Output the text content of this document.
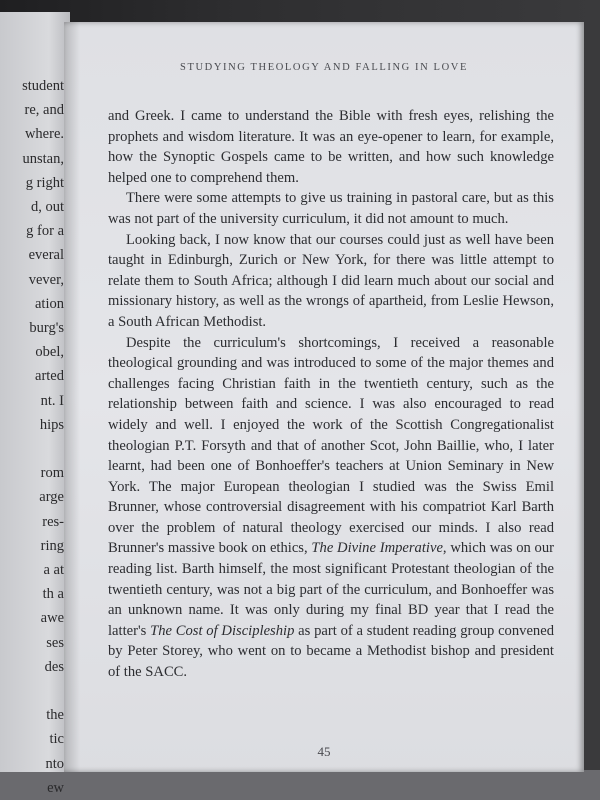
student
re, and
where.
unstan,
g right
d, out
g for a
everal
vever,
ation
burg's
obel,
arted
nt. I
hips
rom
arge
res-
ring
a at
th a
awe
ses
des
the
tic
nto
ew
STUDYING THEOLOGY AND FALLING IN LOVE

and Greek. I came to understand the Bible with fresh eyes, relishing the prophets and wisdom literature. It was an eye-opener to learn, for example, how the Synoptic Gospels came to be written, and how such knowledge helped one to comprehend them.

There were some attempts to give us training in pastoral care, but as this was not part of the university curriculum, it did not amount to much.

Looking back, I now know that our courses could just as well have been taught in Edinburgh, Zurich or New York, for there was little attempt to relate them to South Africa; although I did learn much about our social and missionary history, as well as the wrongs of apartheid, from Leslie Hewson, a South African Methodist.

Despite the curriculum's shortcomings, I received a reasonable theological grounding and was introduced to some of the major themes and challenges facing Christian faith in the twentieth century, such as the relationship between faith and science. I was also encouraged to read widely and well. I enjoyed the work of the Scottish Congregationalist theologian P.T. Forsyth and that of another Scot, John Baillie, who, I later learnt, had been one of Bonhoeffer's teachers at Union Seminary in New York. The major European theologian I studied was the Swiss Emil Brunner, whose controversial disagreement with his compatriot Karl Barth over the problem of natural theology exercised our minds. I also read Brunner's massive book on ethics, The Divine Imperative, which was on our reading list. Barth himself, the most significant Protestant theologian of the twentieth century, was not a big part of the curriculum, and Bonhoeffer was an unknown name. It was only during my final BD year that I read the latter's The Cost of Discipleship as part of a student reading group convened by Peter Storey, who went on to became a Methodist bishop and president of the SACC.

45
